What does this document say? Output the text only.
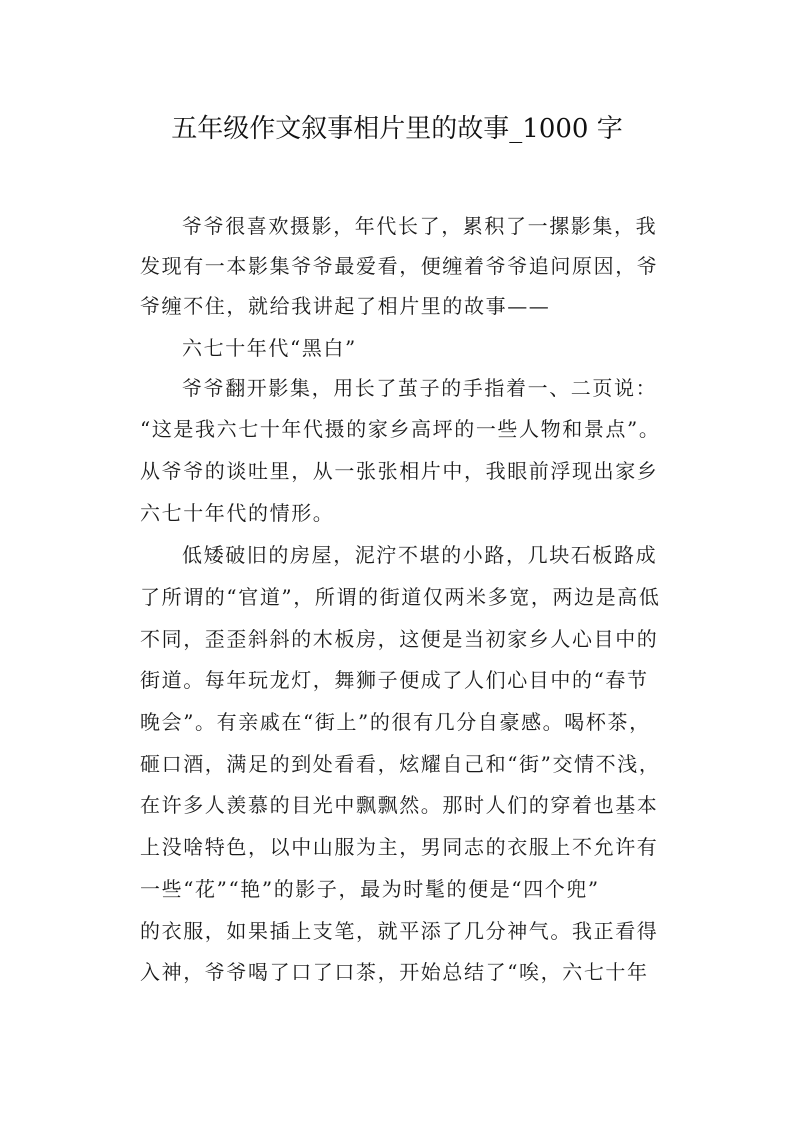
五年级作文叙事相片里的故事_1000 字
爷爷很喜欢摄影，年代长了，累积了一摞影集，我
发现有一本影集爷爷最爱看，便缠着爷爷追问原因，爷
爷缠不住，就给我讲起了相片里的故事——
六七十年代“黑白”
爷爷翻开影集，用长了茧子的手指着一、二页说：
“这是我六七十年代摄的家乡高坪的一些人物和景点”。
从爷爷的谈吐里，从一张张相片中，我眼前浮现出家乡
六七十年代的情形。
低矮破旧的房屋，泥泞不堪的小路，几块石板路成
了所谓的“官道”，所谓的街道仅两米多宽，两边是高低
不同，歪歪斜斜的木板房，这便是当初家乡人心目中的
街道。每年玩龙灯，舞狮子便成了人们心目中的“春节
晚会”。有亲戚在“街上”的很有几分自豪感。喝杯茶，
砸口酒，满足的到处看看，炫耀自己和“街”交情不浅，
在许多人羡慕的目光中飘飘然。那时人们的穿着也基本
上没啥特色，以中山服为主，男同志的衣服上不允许有
一些“花”“艳”的影子，最为时髦的便是“四个兜”
的衣服，如果插上支笔，就平添了几分神气。我正看得
入神，爷爷喝了口了口茶，开始总结了“唉，六七十年
